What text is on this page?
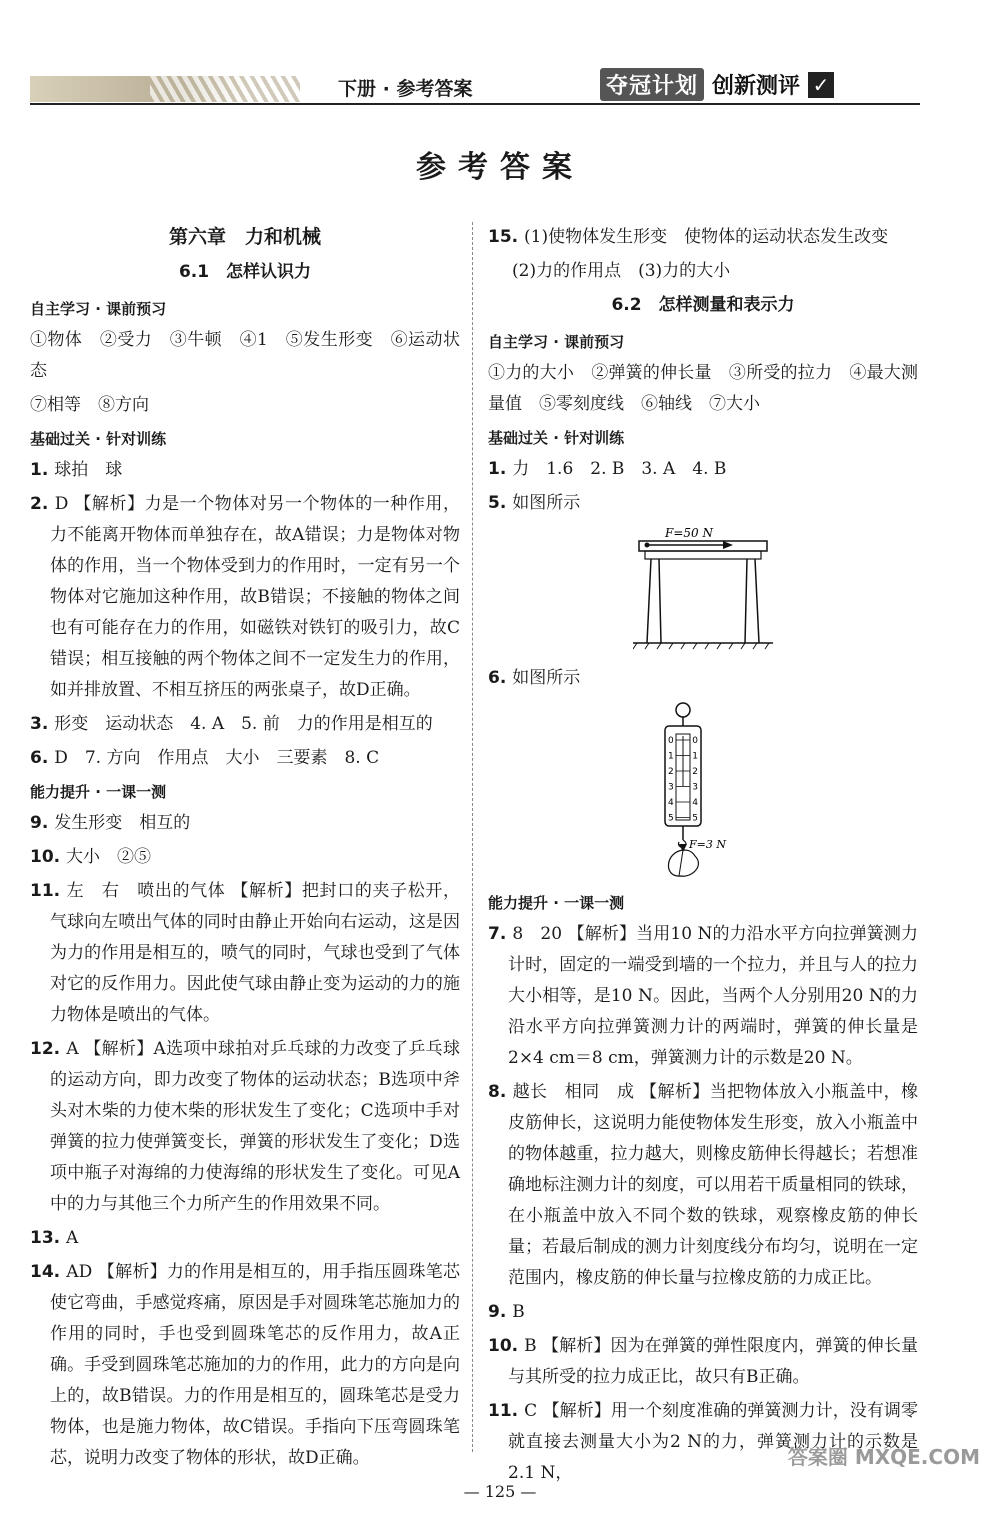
下册 · 参考答案	夺冠计划 创新测评 ✓
参考答案
第六章　力和机械
6.1　怎样认识力
自主学习 · 课前预习
①物体　②受力　③牛顿　④1　⑤发生形变　⑥运动状态
⑦相等　⑧方向
基础过关 · 针对训练
1. 球拍　球
2. D 【解析】力是一个物体对另一个物体的一种作用，力不能离开物体而单独存在，故A错误；力是物体对物体的作用，当一个物体受到力的作用时，一定有另一个物体对它施加这种作用，故B错误；不接触的物体之间也有可能存在力的作用，如磁铁对铁钉的吸引力，故C错误；相互接触的两个物体之间不一定发生力的作用，如并排放置、不相互挤压的两张桌子，故D正确。
3. 形变　运动状态　4. A　5. 前　力的作用是相互的
6. D　7. 方向　作用点　大小　三要素　8. C
能力提升 · 一课一测
9. 发生形变　相互的
10. 大小　②⑤
11. 左　右　喷出的气体 【解析】把封口的夹子松开，气球向左喷出气体的同时由静止开始向右运动，这是因为力的作用是相互的，喷气的同时，气球也受到了气体对它的反作用力。因此使气球由静止变为运动的力的施力物体是喷出的气体。
12. A 【解析】A选项中球拍对乒乓球的力改变了乒乓球的运动方向，即力改变了物体的运动状态；B选项中斧头对木柴的力使木柴的形状发生了变化；C选项中手对弹簧的拉力使弹簧变长，弹簧的形状发生了变化；D选项中瓶子对海绵的力使海绵的形状发生了变化。可见A中的力与其他三个力所产生的作用效果不同。
13. A
14. AD 【解析】力的作用是相互的，用手指压圆珠笔芯使它弯曲，手感觉疼痛，原因是手对圆珠笔芯施加力的作用的同时，手也受到圆珠笔芯的反作用力，故A正确。手受到圆珠笔芯施加的力的作用，此力的方向是向上的，故B错误。力的作用是相互的，圆珠笔芯是受力物体，也是施力物体，故C错误。手指向下压弯圆珠笔芯，说明力改变了物体的形状，故D正确。
15. (1)使物体发生形变　使物体的运动状态发生改变
(2)力的作用点　(3)力的大小
6.2　怎样测量和表示力
自主学习 · 课前预习
①力的大小　②弹簧的伸长量　③所受的拉力　④最大测量值　⑤零刻度线　⑥轴线　⑦大小
基础过关 · 针对训练
1. 力　1.6　2. B　3. A　4. B
5. 如图所示
F=50 N
6. 如图所示
0 0
1 1
2 2
3 3
4 4
5 5
F=3 N
能力提升 · 一课一测
7. 8　20 【解析】当用10 N的力沿水平方向拉弹簧测力计时，固定的一端受到墙的一个拉力，并且与人的拉力大小相等，是10 N。因此，当两个人分别用20 N的力沿水平方向拉弹簧测力计的两端时，弹簧的伸长量是2×4 cm＝8 cm，弹簧测力计的示数是20 N。
8. 越长　相同　成 【解析】当把物体放入小瓶盖中，橡皮筋伸长，这说明力能使物体发生形变，放入小瓶盖中的物体越重，拉力越大，则橡皮筋伸长得越长；若想准确地标注测力计的刻度，可以用若干质量相同的铁球，在小瓶盖中放入不同个数的铁球，观察橡皮筋的伸长量；若最后制成的测力计刻度线分布均匀，说明在一定范围内，橡皮筋的伸长量与拉橡皮筋的力成正比。
9. B
10. B 【解析】因为在弹簧的弹性限度内，弹簧的伸长量与其所受的拉力成正比，故只有B正确。
11. C 【解析】用一个刻度准确的弹簧测力计，没有调零就直接去测量大小为2 N的力，弹簧测力计的示数是2.1 N，
— 125 —
答案圈 MXQE.COM
